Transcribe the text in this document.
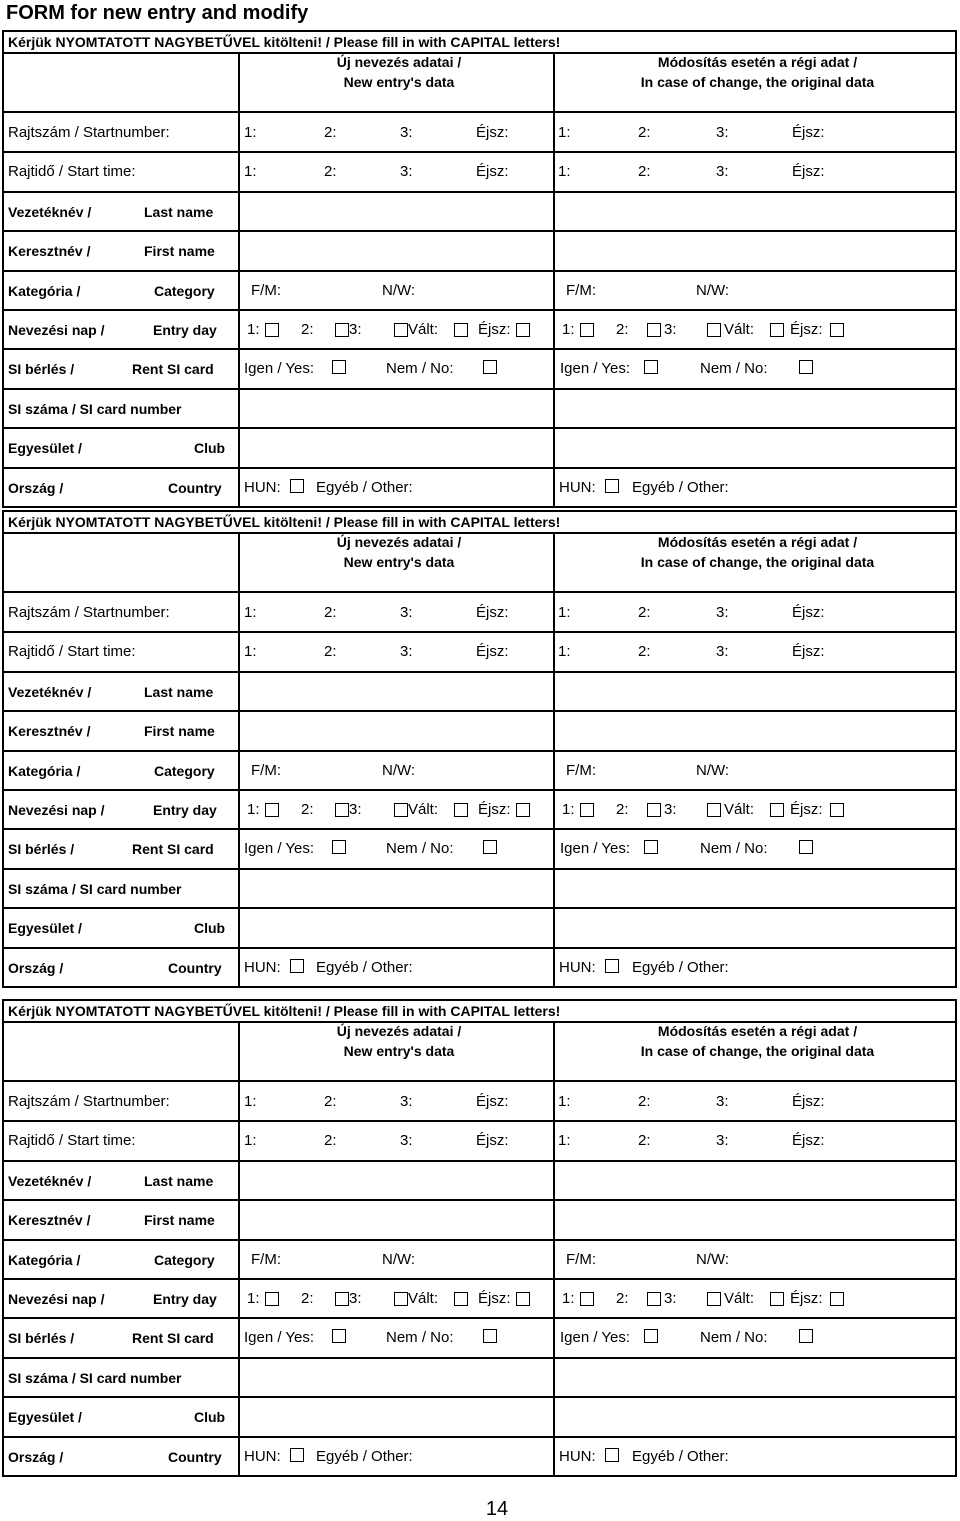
FORM for new entry and modify
Kérjük NYOMTATOTT NAGYBETŰVEL kitölteni! / Please fill in with CAPITAL letters!
Új nevezés adatai /
New entry's data
Módosítás esetén a régi adat /
In case of change, the original data
Rajtszám / Startnumber:	1:	2:	3:	Éjsz:	1:	2:	3:	Éjsz:
Rajtidő / Start time:	1:	2:	3:	Éjsz:	1:	2:	3:	Éjsz:
Vezetéknév /	Last name
Keresztnév /	First name
Kategória /	Category F/M:	N/W:	F/M:	N/W:
Nevezési nap /	Entry day 1:	2: 3:	Vált:	Éjsz:	1:	2: 3:	Vált: Éjsz:
SI bérlés /	Rent SI card Igen / Yes:	Nem / No:	Igen / Yes:	Nem / No:
SI száma / SI card number
Egyesület /	Club
Ország /	Country HUN: Egyéb / Other:	HUN: Egyéb / Other:
Kérjük NYOMTATOTT NAGYBETŰVEL kitölteni! / Please fill in with CAPITAL letters!
Új nevezés adatai /
New entry's data
Módosítás esetén a régi adat /
In case of change, the original data
Rajtszám / Startnumber:	1:	2:	3:	Éjsz:	1:	2:	3:	Éjsz:
Rajtidő / Start time:	1:	2:	3:	Éjsz:	1:	2:	3:	Éjsz:
Vezetéknév /	Last name
Keresztnév /	First name
Kategória /	Category F/M:	N/W:	F/M:	N/W:
Nevezési nap /	Entry day 1:	2: 3:	Vált:	Éjsz:	1:	2: 3:	Vált: Éjsz:
SI bérlés /	Rent SI card Igen / Yes:	Nem / No:	Igen / Yes:	Nem / No:
SI száma / SI card number
Egyesület /	Club
Ország /	Country HUN: Egyéb / Other:	HUN: Egyéb / Other:
Kérjük NYOMTATOTT NAGYBETŰVEL kitölteni! / Please fill in with CAPITAL letters!
Új nevezés adatai /
New entry's data
Módosítás esetén a régi adat /
In case of change, the original data
Rajtszám / Startnumber:	1:	2:	3:	Éjsz:	1:	2:	3:	Éjsz:
Rajtidő / Start time:	1:	2:	3:	Éjsz:	1:	2:	3:	Éjsz:
Vezetéknév /	Last name
Keresztnév /	First name
Kategória /	Category F/M:	N/W:	F/M:	N/W:
Nevezési nap /	Entry day 1:	2: 3:	Vált:	Éjsz:	1:	2: 3:	Vált: Éjsz:
SI bérlés /	Rent SI card Igen / Yes:	Nem / No:	Igen / Yes:	Nem / No:
SI száma / SI card number
Egyesület /	Club
Ország /	Country HUN: Egyéb / Other:	HUN: Egyéb / Other:
14
